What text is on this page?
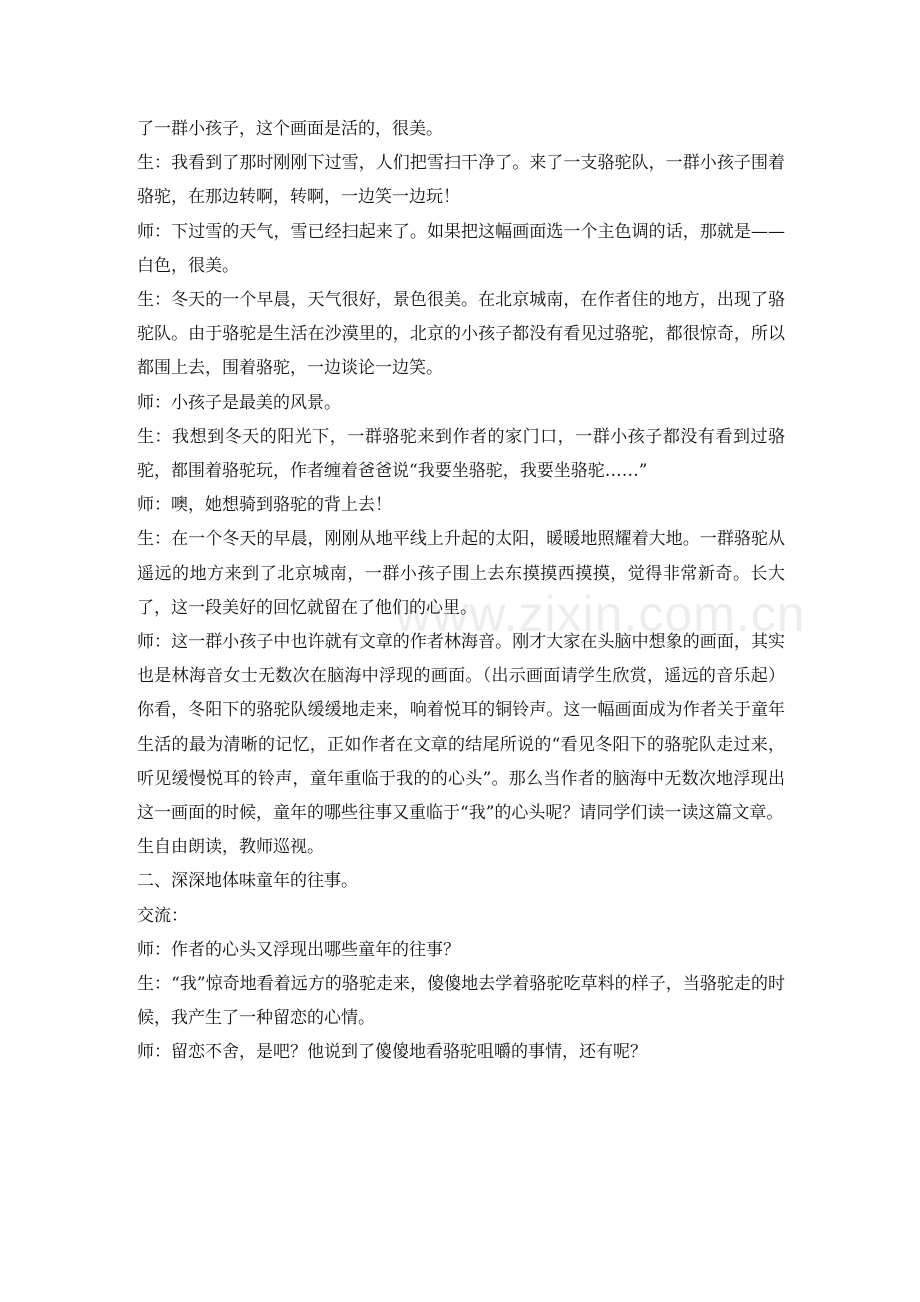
了一群小孩子，这个画面是活的，很美。

生：我看到了那时刚刚下过雪，人们把雪扫干净了。来了一支骆驼队，一群小孩子围着骆驼，在那边转啊，转啊，一边笑一边玩！

师：下过雪的天气，雪已经扫起来了。如果把这幅画面选一个主色调的话，那就是——白色，很美。

生：冬天的一个早晨，天气很好，景色很美。在北京城南，在作者住的地方，出现了骆驼队。由于骆驼是生活在沙漠里的，北京的小孩子都没有看见过骆驼，都很惊奇，所以都围上去，围着骆驼，一边谈论一边笑。

师：小孩子是最美的风景。

生：我想到冬天的阳光下，一群骆驼来到作者的家门口，一群小孩子都没有看到过骆驼，都围着骆驼玩，作者缠着爸爸说“我要坐骆驼，我要坐骆驼……”

师：噢，她想骑到骆驼的背上去！

生：在一个冬天的早晨，刚刚从地平线上升起的太阳，暖暖地照耀着大地。一群骆驼从遥远的地方来到了北京城南，一群小孩子围上去东摸摸西摸摸，觉得非常新奇。长大了，这一段美好的回忆就留在了他们的心里。

师：这一群小孩子中也许就有文章的作者林海音。刚才大家在头脑中想象的画面，其实也是林海音女士无数次在脑海中浮现的画面。（出示画面请学生欣赏，遥远的音乐起）你看，冬阳下的骆驼队缓缓地走来，响着悦耳的铜铃声。这一幅画面成为作者关于童年生活的最为清晰的记忆，正如作者在文章的结尾所说的“看见冬阳下的骆驼队走过来，听见缓慢悦耳的铃声，童年重临于我的的心头”。那么当作者的脑海中无数次地浮现出这一画面的时候，童年的哪些往事又重临于“我”的心头呢？请同学们读一读这篇文章。

生自由朗读，教师巡视。

二、深深地体味童年的往事。

交流：

师：作者的心头又浮现出哪些童年的往事？

生：“我”惊奇地看着远方的骆驼走来，傻傻地去学着骆驼吃草料的样子，当骆驼走的时候，我产生了一种留恋的心情。

师：留恋不舍，是吧？他说到了傻傻地看骆驼咀嚼的事情，还有呢？

www.zixin.com.cn
